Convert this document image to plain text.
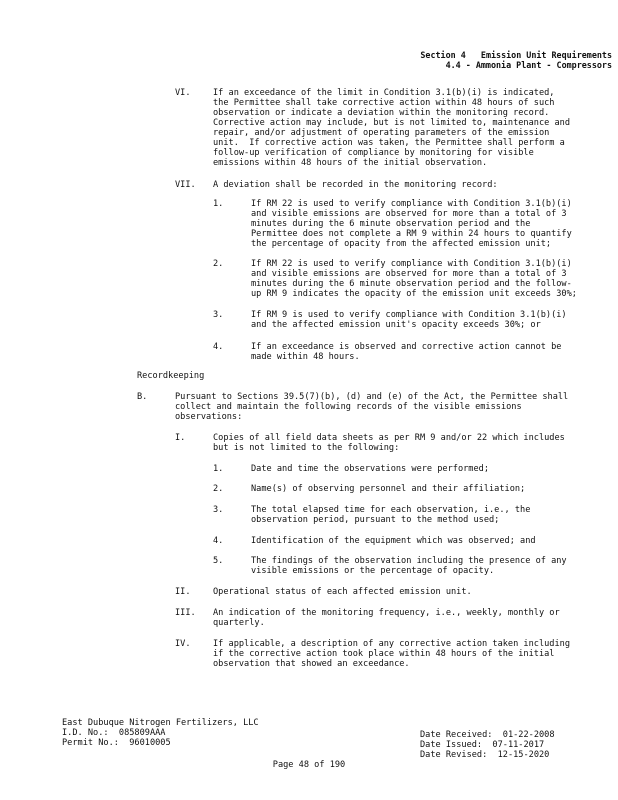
Section 4   Emission Unit Requirements
4.4 - Ammonia Plant - Compressors
VI.	If an exceedance of the limit in Condition 3.1(b)(i) is indicated,
the Permittee shall take corrective action within 48 hours of such
observation or indicate a deviation within the monitoring record.
Corrective action may include, but is not limited to, maintenance and
repair, and/or adjustment of operating parameters of the emission
unit.  If corrective action was taken, the Permittee shall perform a
follow-up verification of compliance by monitoring for visible
emissions within 48 hours of the initial observation.
VII. A deviation shall be recorded in the monitoring record:
1.	If RM 22 is used to verify compliance with Condition 3.1(b)(i)
and visible emissions are observed for more than a total of 3
minutes during the 6 minute observation period and the
Permittee does not complete a RM 9 within 24 hours to quantify
the percentage of opacity from the affected emission unit;
2.	If RM 22 is used to verify compliance with Condition 3.1(b)(i)
and visible emissions are observed for more than a total of 3
minutes during the 6 minute observation period and the follow-
up RM 9 indicates the opacity of the emission unit exceeds 30%;
3.	If RM 9 is used to verify compliance with Condition 3.1(b)(i)
and the affected emission unit's opacity exceeds 30%; or
4.	If an exceedance is observed and corrective action cannot be
made within 48 hours.
Recordkeeping
B.	Pursuant to Sections 39.5(7)(b), (d) and (e) of the Act, the Permittee shall
collect and maintain the following records of the visible emissions
observations:
I.	Copies of all field data sheets as per RM 9 and/or 22 which includes
but is not limited to the following:
II.	Operational status of each affected emission unit.
III. An indication of the monitoring frequency, i.e., weekly, monthly or
quarterly.
IV.	If applicable, a description of any corrective action taken including
if the corrective action took place within 48 hours of the initial
observation that showed an exceedance.
1.	Date and time the observations were performed;
2.	Name(s) of observing personnel and their affiliation;
3.	The total elapsed time for each observation, i.e., the
observation period, pursuant to the method used;
4.	Identification of the equipment which was observed; and
5.	The findings of the observation including the presence of any
visible emissions or the percentage of opacity.
East Dubuque Nitrogen Fertilizers, LLC
I.D. No.:  085809AAA
Permit No.:  96010005
Date Received:  01-22-2008
Date Issued:  07-11-2017
Date Revised:  12-15-2020
Page 48 of 190
